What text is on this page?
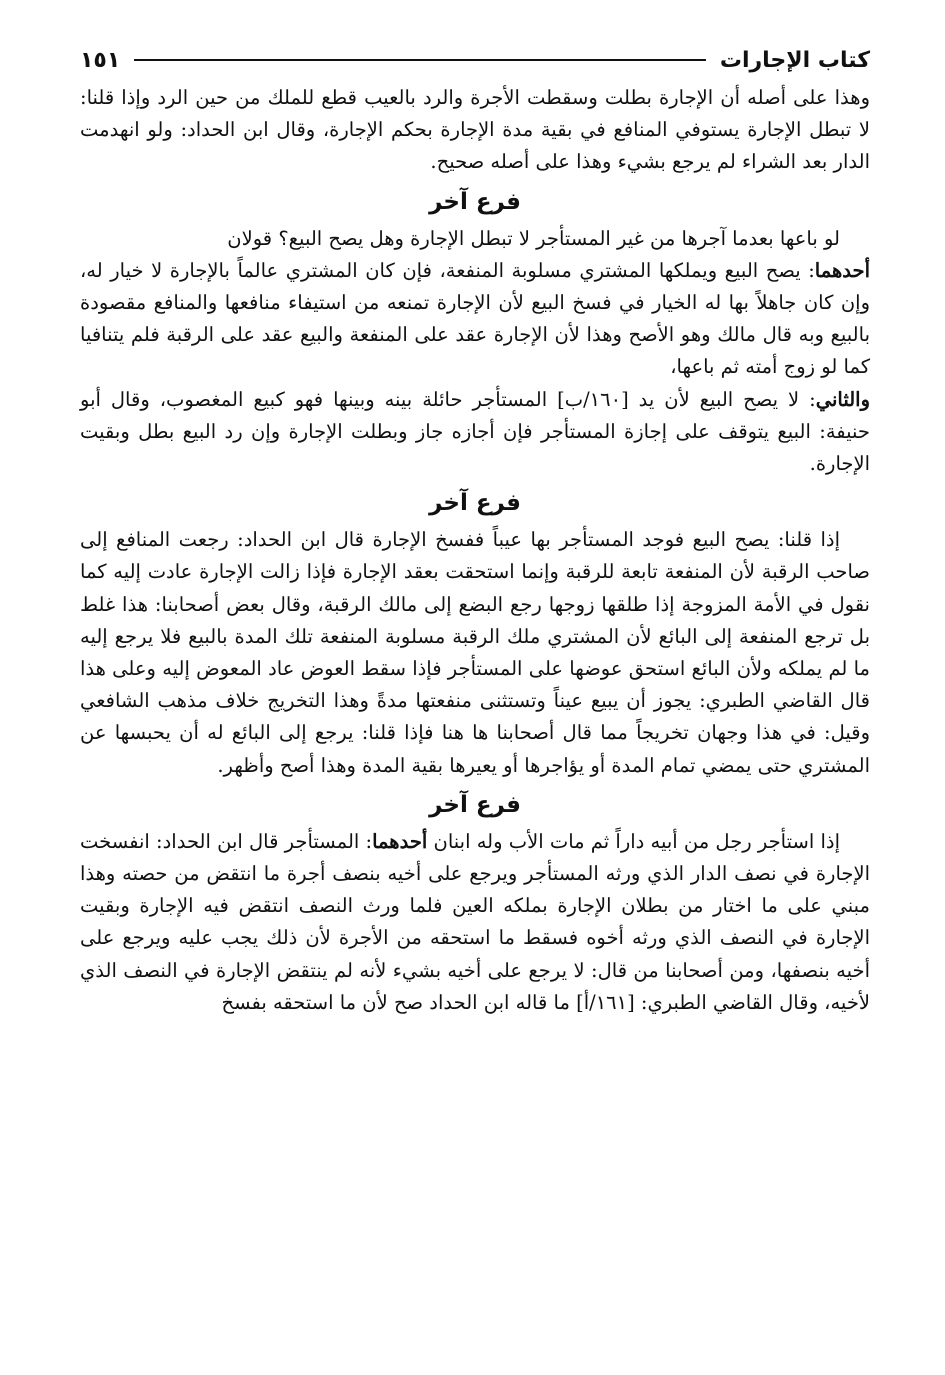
كتاب الإجارات
١٥١

وهذا على أصله أن الإجارة بطلت وسقطت الأجرة والرد بالعيب قطع للملك من حين الرد وإذا قلنا: لا تبطل الإجارة يستوفي المنافع في بقية مدة الإجارة بحكم الإجارة، وقال ابن الحداد: ولو انهدمت الدار بعد الشراء لم يرجع بشيء وهذا على أصله صحيح.

فرع آخر

لو باعها بعدما آجرها من غير المستأجر لا تبطل الإجارة وهل يصح البيع؟ قولان

أحدهما: يصح البيع ويملكها المشتري مسلوبة المنفعة، فإن كان المشتري عالماً بالإجارة لا خيار له، وإن كان جاهلاً بها له الخيار في فسخ البيع لأن الإجارة تمنعه من استيفاء منافعها والمنافع مقصودة بالبيع وبه قال مالك وهو الأصح وهذا لأن الإجارة عقد على المنفعة والبيع عقد على الرقبة فلم يتنافيا كما لو زوج أمته ثم باعها،

والثاني: لا يصح البيع لأن يد [١٦٠/ب] المستأجر حائلة بينه وبينها فهو كبيع المغصوب، وقال أبو حنيفة: البيع يتوقف على إجازة المستأجر فإن أجازه جاز وبطلت الإجارة وإن رد البيع بطل وبقيت الإجارة.

فرع آخر

إذا قلنا: يصح البيع فوجد المستأجر بها عيباً ففسخ الإجارة قال ابن الحداد: رجعت المنافع إلى صاحب الرقبة لأن المنفعة تابعة للرقبة وإنما استحقت بعقد الإجارة فإذا زالت الإجارة عادت إليه كما نقول في الأمة المزوجة إذا طلقها زوجها رجع البضع إلى مالك الرقبة، وقال بعض أصحابنا: هذا غلط بل ترجع المنفعة إلى البائع لأن المشتري ملك الرقبة مسلوبة المنفعة تلك المدة بالبيع فلا يرجع إليه ما لم يملكه ولأن البائع استحق عوضها على المستأجر فإذا سقط العوض عاد المعوض إليه وعلى هذا قال القاضي الطبري: يجوز أن يبيع عيناً وتستثنى منفعتها مدةً وهذا التخريج خلاف مذهب الشافعي وقيل: في هذا وجهان تخريجاً مما قال أصحابنا ها هنا فإذا قلنا: يرجع إلى البائع له أن يحبسها عن المشتري حتى يمضي تمام المدة أو يؤاجرها أو يعيرها بقية المدة وهذا أصح وأظهر.

فرع آخر

إذا استأجر رجل من أبيه داراً ثم مات الأب وله ابنان أحدهما: المستأجر قال ابن الحداد: انفسخت الإجارة في نصف الدار الذي ورثه المستأجر ويرجع على أخيه بنصف أجرة ما انتقض من حصته وهذا مبني على ما اختار من بطلان الإجارة بملكه العين فلما ورث النصف انتقض فيه الإجارة وبقيت الإجارة في النصف الذي ورثه أخوه فسقط ما استحقه من الأجرة لأن ذلك يجب عليه ويرجع على أخيه بنصفها، ومن أصحابنا من قال: لا يرجع على أخيه بشيء لأنه لم ينتقض الإجارة في النصف الذي لأخيه، وقال القاضي الطبري: [١٦١/أ] ما قاله ابن الحداد صح لأن ما استحقه بفسخ
